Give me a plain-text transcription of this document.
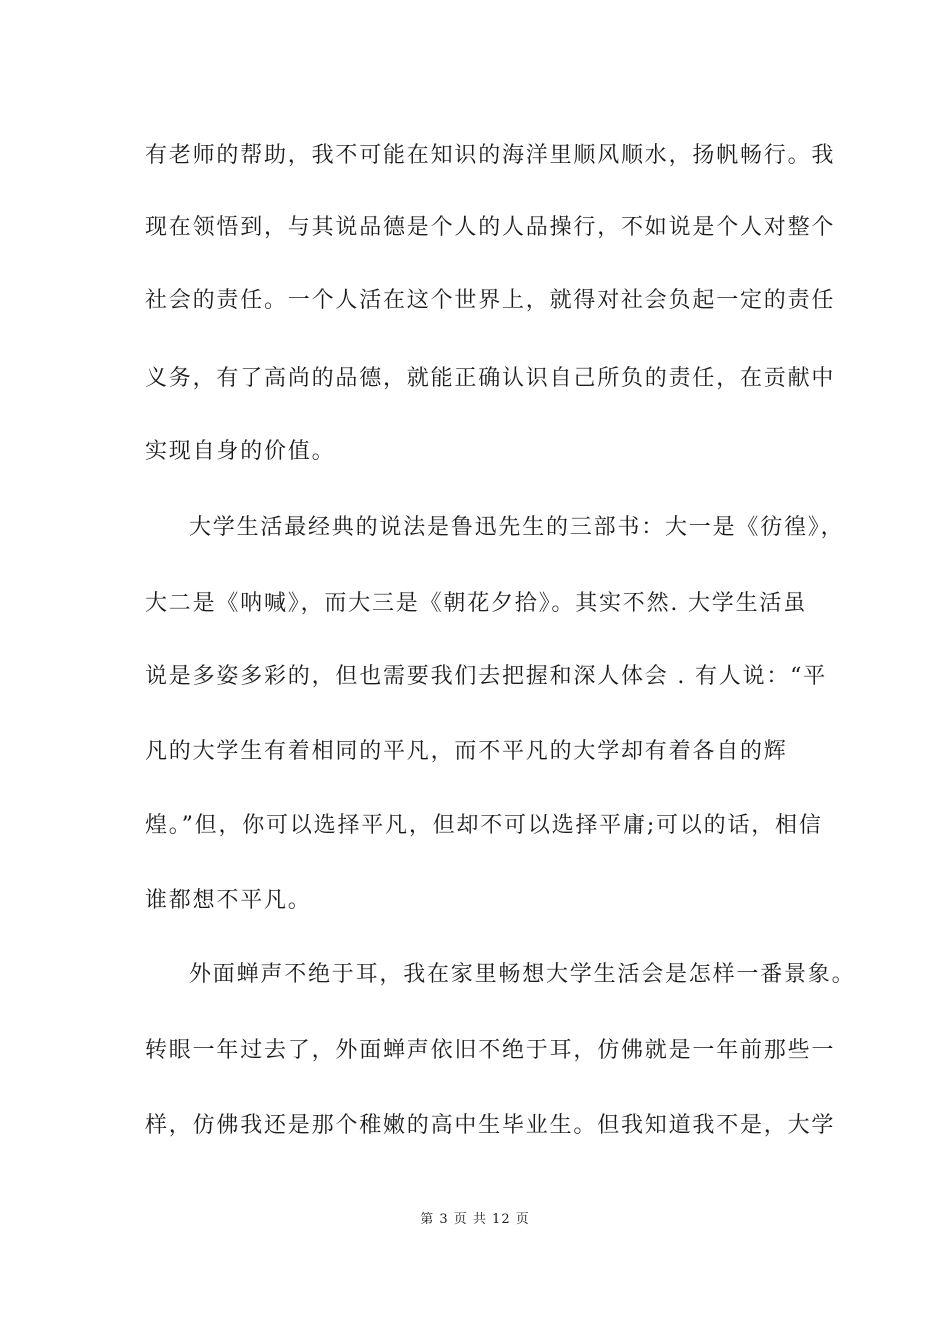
有老师的帮助，我不可能在知识的海洋里顺风顺水，扬帆畅行。我
现在领悟到，与其说品德是个人的人品操行，不如说是个人对整个
社会的责任。一个人活在这个世界上，就得对社会负起一定的责任
义务，有了高尚的品德，就能正确认识自己所负的责任，在贡献中
实现自身的价值。
大学生活最经典的说法是鲁迅先生的三部书：大一是《彷徨》，
大二是《呐喊》，而大三是《朝花夕拾》。其实不然. 大学生活虽
说是多姿多彩的，但也需要我们去把握和深人体会 . 有人说：“平
凡的大学生有着相同的平凡，而不平凡的大学却有着各自的辉
煌。”但，你可以选择平凡，但却不可以选择平庸;可以的话，相信
谁都想不平凡。
外面蝉声不绝于耳，我在家里畅想大学生活会是怎样一番景象。
转眼一年过去了，外面蝉声依旧不绝于耳，仿佛就是一年前那些一
样，仿佛我还是那个稚嫩的高中生毕业生。但我知道我不是，大学
第 3 页 共 12 页
